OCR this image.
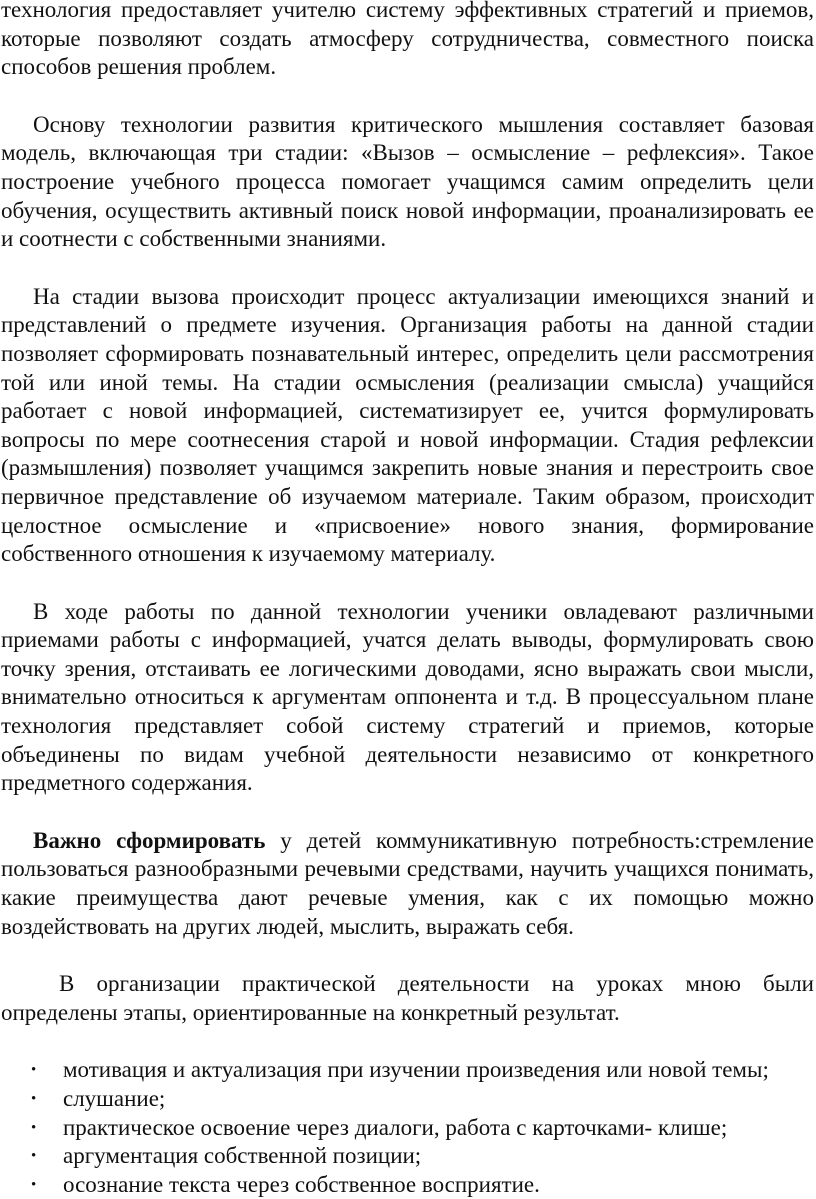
технология предоставляет учителю систему эффективных стратегий и приемов, которые позволяют создать атмосферу сотрудничества, совместного поиска способов решения проблем.

Основу технологии развития критического мышления составляет базовая модель, включающая три стадии: «Вызов – осмысление – рефлексия». Такое построение учебного процесса помогает учащимся самим определить цели обучения, осуществить активный поиск новой информации, проанализировать ее и соотнести с собственными знаниями.

На стадии вызова происходит процесс актуализации имеющихся знаний и представлений о предмете изучения. Организация работы на данной стадии позволяет сформировать познавательный интерес, определить цели рассмотрения той или иной темы. На стадии осмысления (реализации смысла) учащийся работает с новой информацией, систематизирует ее, учится формулировать вопросы по мере соотнесения старой и новой информации. Стадия рефлексии (размышления) позволяет учащимся закрепить новые знания и перестроить свое первичное представление об изучаемом материале. Таким образом, происходит целостное осмысление и «присвоение» нового знания, формирование собственного отношения к изучаемому материалу.

В ходе работы по данной технологии ученики овладевают различными приемами работы с информацией, учатся делать выводы, формулировать свою точку зрения, отстаивать ее логическими доводами, ясно выражать свои мысли, внимательно относиться к аргументам оппонента и т.д. В процессуальном плане технология представляет собой систему стратегий и приемов, которые объединены по видам учебной деятельности независимо от конкретного предметного содержания.

Важно сформировать у детей коммуникативную потребность:стремление пользоваться разнообразными речевыми средствами, научить учащихся понимать, какие преимущества дают речевые умения, как с их помощью можно воздействовать на других людей, мыслить, выражать себя.

В организации практической деятельности на уроках мною были определены этапы, ориентированные на конкретный результат.

• мотивация и актуализация при изучении произведения или новой темы;
• слушание;
• практическое освоение через диалоги, работа с карточками- клише;
• аргументация собственной позиции;
• осознание текста через собственное восприятие.
